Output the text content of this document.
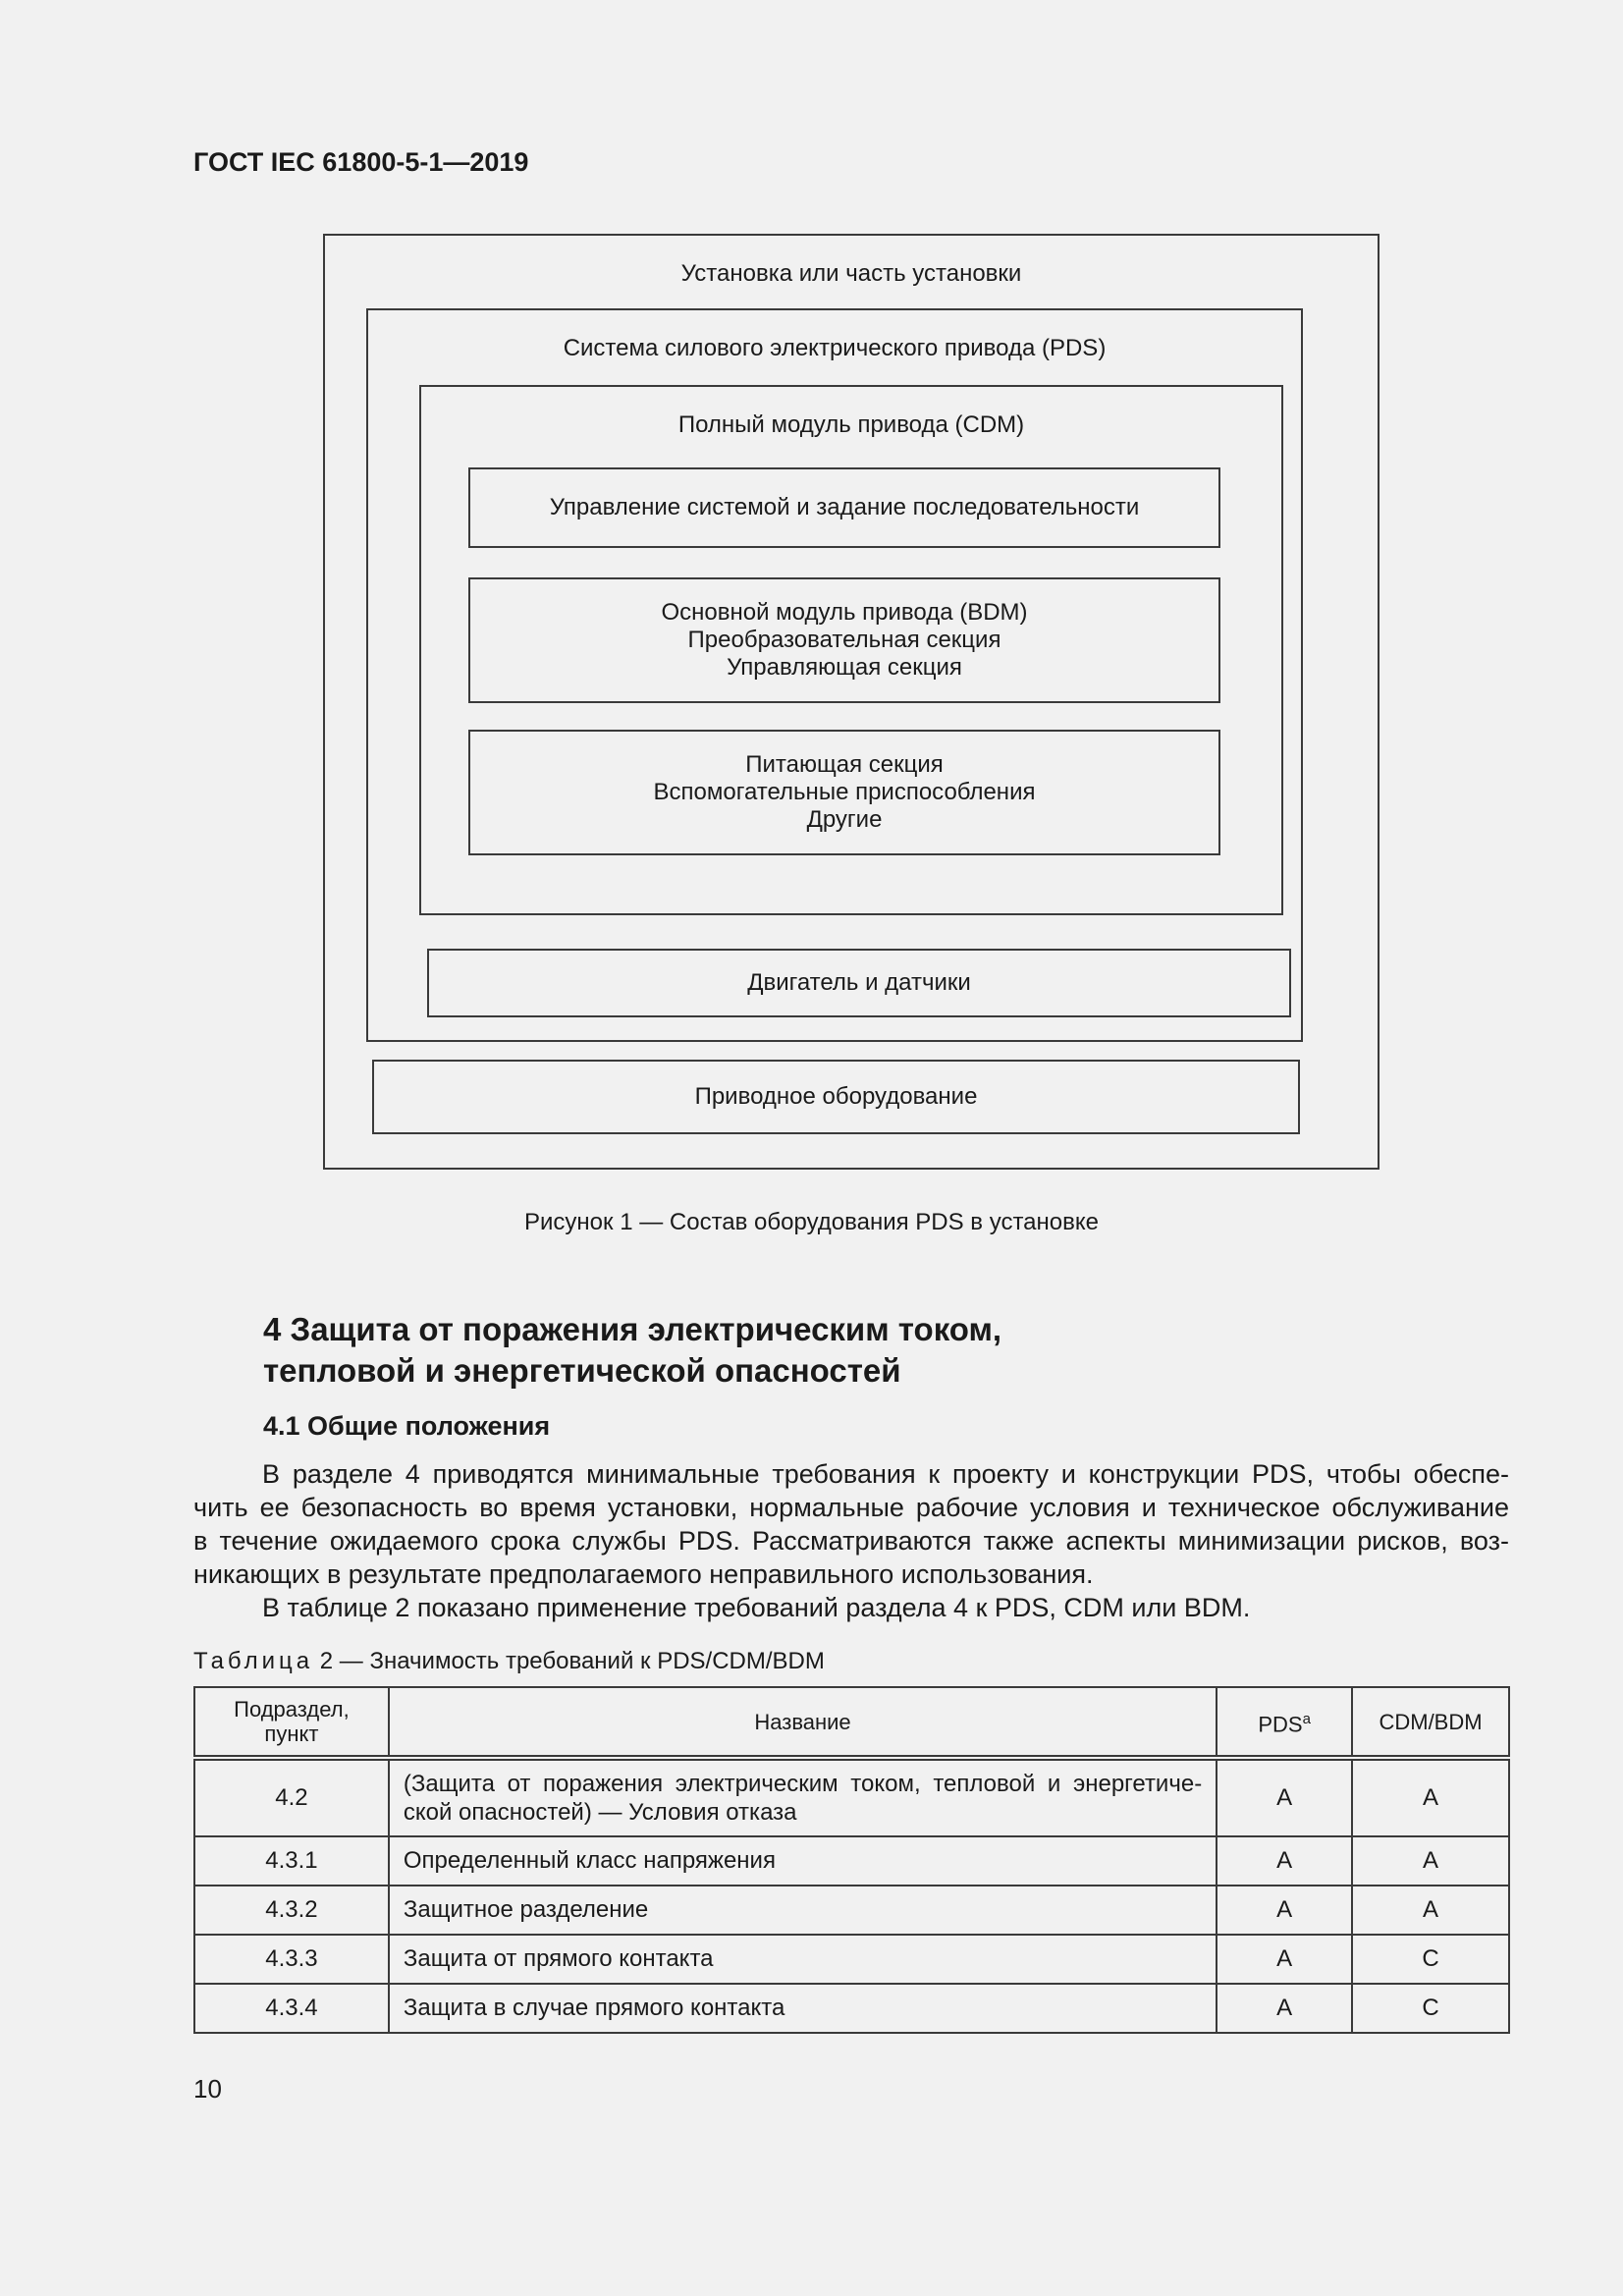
ГОСТ IEC 61800-5-1—2019
Установка или часть установки
Система силового электрического привода (PDS)
Полный модуль привода (CDM)
Управление системой и задание последовательности
Основной модуль привода (BDM)
Преобразовательная секция
Управляющая секция
Питающая секция
Вспомогательные приспособления
Другие
Двигатель и датчики
Приводное оборудование
Рисунок 1 — Состав оборудования PDS в установке
4 Защита от поражения электрическим током,
тепловой и энергетической опасностей
4.1 Общие положения

В разделе 4 приводятся минимальные требования к проекту и конструкции PDS, чтобы обеспе-
чить ее безопасность во время установки, нормальные рабочие условия и техническое обслуживание
в течение ожидаемого срока службы PDS. Рассматриваются также аспекты минимизации рисков, воз-
никающих в результате предполагаемого неправильного использования.

В таблице 2 показано применение требований раздела 4 к PDS, CDM или BDM.

Таблица 2 — Значимость требований к PDS/CDM/BDM

Подраздел,
пункт	Название	PDS$^a$	CDM/BDM
4.2	(Защита от поражения электрическим током, тепловой и энергетиче-
ской опасностей) — Условия отказа	A	A
4.3.1	Определенный класс напряжения	A	A
4.3.2	Защитное разделение	A	A
4.3.3	Защита от прямого контакта	A	C
4.3.4	Защита в случае прямого контакта	A	C

10
